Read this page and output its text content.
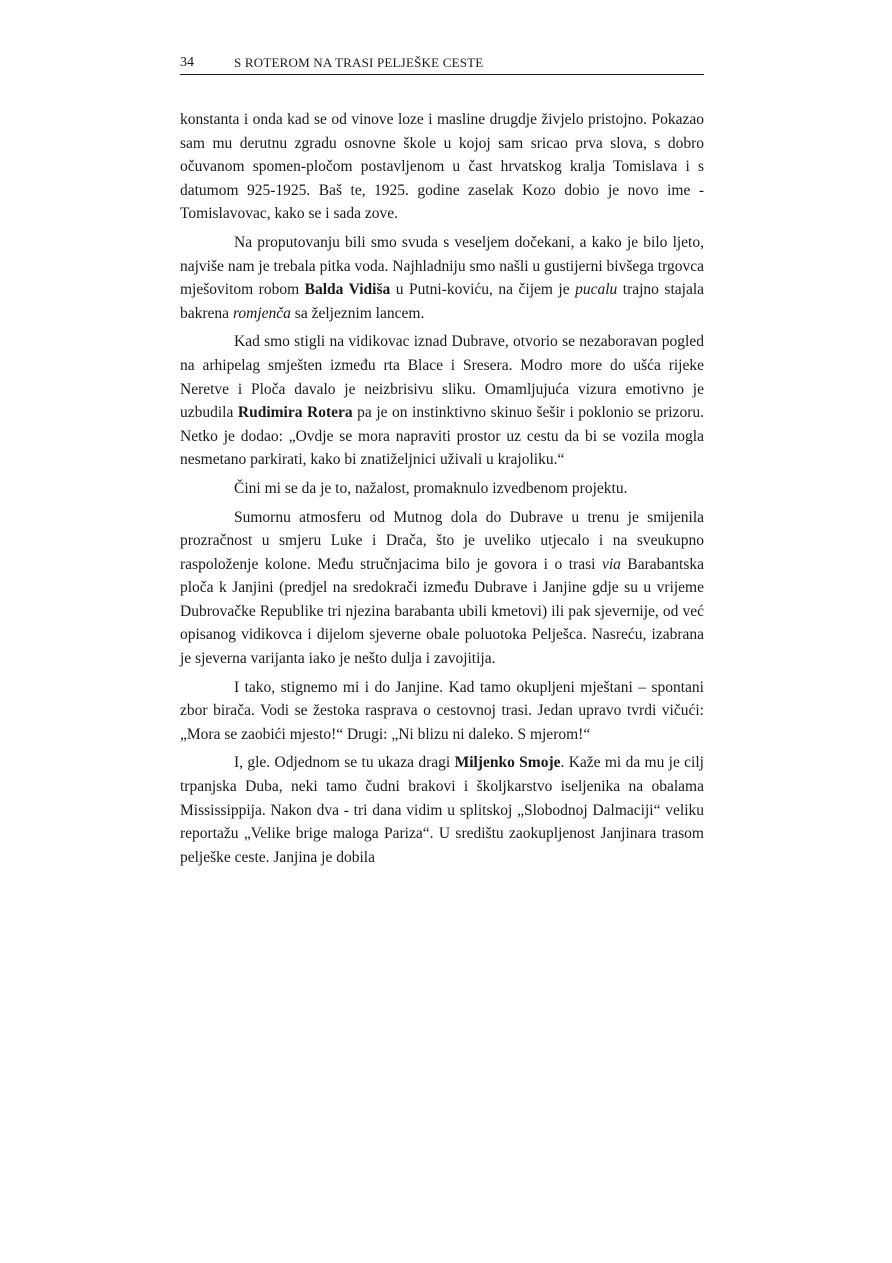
34	S ROTEROM NA TRASI PELJEŠKE CESTE

konstanta i onda kad se od vinove loze i masline drugdje živjelo pristojno. Pokazao sam mu derutnu zgradu osnovne škole u kojoj sam sricao prva slova, s dobro očuvanom spomen-pločom postavljenom u čast hrvatskog kralja Tomislava i s datumom 925-1925. Baš te, 1925. godine zaselak Kozo dobio je novo ime - Tomislavovac, kako se i sada zove.

Na proputovanju bili smo svuda s veseljem dočekani, a kako je bilo ljeto, najviše nam je trebala pitka voda. Najhladniju smo našli u gustijerni bivšega trgovca mješovitom robom Balda Vidiša u Putni-koviću, na čijem je pucalu trajno stajala bakrena romjenča sa željeznim lancem.

Kad smo stigli na vidikovac iznad Dubrave, otvorio se nezaboravan pogled na arhipelag smješten između rta Blace i Sresera. Modro more do ušća rijeke Neretve i Ploča davalo je neizbrisivu sliku. Omamljujuća vizura emotivno je uzbudila Rudimira Rotera pa je on instinktivno skinuo šešir i poklonio se prizoru. Netko je dodao: „Ovdje se mora napraviti prostor uz cestu da bi se vozila mogla nesmetano parkirati, kako bi znatiželjnici uživali u krajoliku.“

Čini mi se da je to, nažalost, promaknulo izvedbenom projektu.

Sumornu atmosferu od Mutnog dola do Dubrave u trenu je smijenila prozračnost u smjeru Luke i Drača, što je uveliko utjecalo i na sveukupno raspoloženje kolone. Među stručnjacima bilo je govora i o trasi via Barabantska ploča k Janjini (predjel na sredokrači između Dubrave i Janjine gdje su u vrijeme Dubrovačke Republike tri njezina barabanta ubili kmetovi) ili pak sjevernije, od već opisanog vidikovca i dijelom sjeverne obale poluotoka Pelješca. Nasreću, izabrana je sjeverna varijanta iako je nešto dulja i zavojitija.

I tako, stignemo mi i do Janjine. Kad tamo okupljeni mještani – spontani zbor birača. Vodi se žestoka rasprava o cestovnoj trasi. Jedan upravo tvrdi vičući: „Mora se zaobići mjesto!“ Drugi: „Ni blizu ni daleko. S mjerom!“

I, gle. Odjednom se tu ukaza dragi Miljenko Smoje. Kaže mi da mu je cilj trpanjska Duba, neki tamo čudni brakovi i školjkarstvo iseljenika na obalama Mississippija. Nakon dva - tri dana vidim u splitskoj „Slobodnoj Dalmaciji“ veliku reportažu „Velike brige maloga Pariza“. U središtu zaokupljenost Janjinara trasom pelješke ceste. Janjina je dobila
